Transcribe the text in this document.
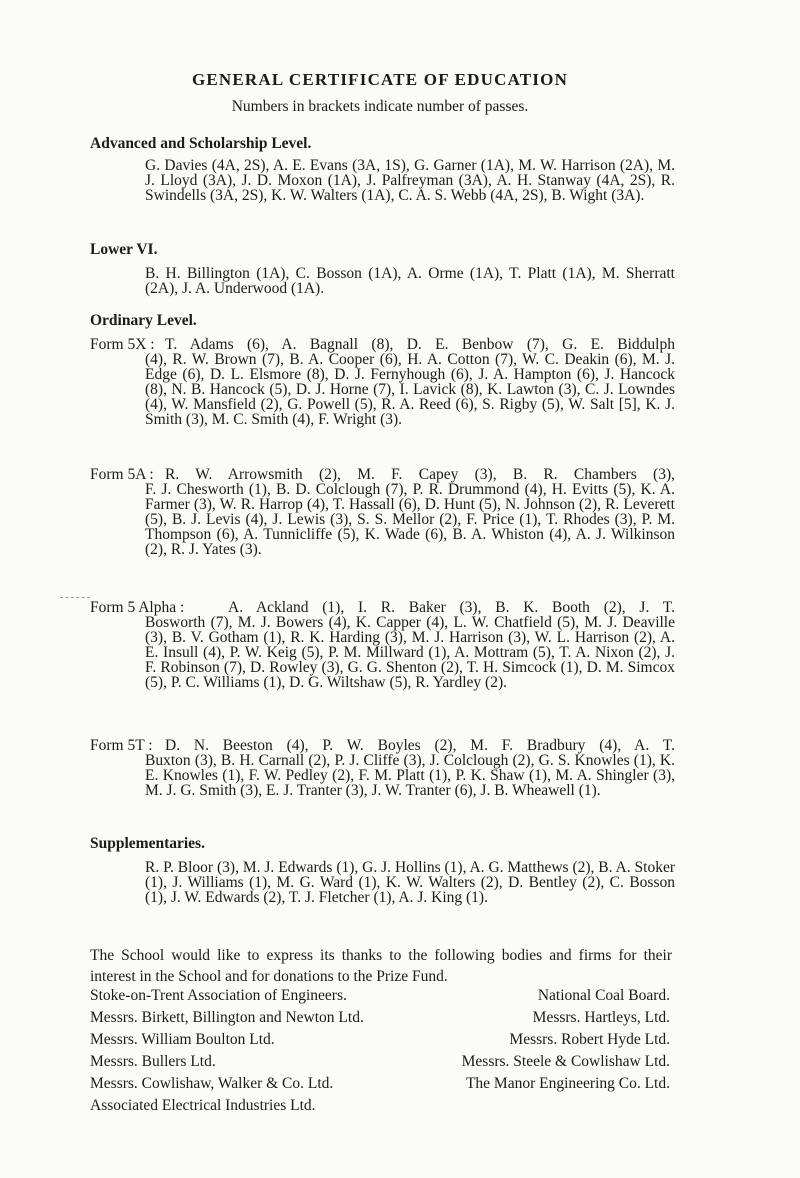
GENERAL CERTIFICATE OF EDUCATION
Numbers in brackets indicate number of passes.
Advanced and Scholarship Level.
G. Davies (4A, 2S), A. E. Evans (3A, 1S), G. Garner (1A), M. W. Harrison (2A), M. J. Lloyd (3A), J. D. Moxon (1A), J. Palfreyman (3A), A. H. Stanway (4A, 2S), R. Swindells (3A, 2S), K. W. Walters (1A), C. A. S. Webb (4A, 2S), B. Wight (3A).
Lower VI.
B. H. Billington (1A), C. Bosson (1A), A. Orme (1A), T. Platt (1A), M. Sherratt (2A), J. A. Underwood (1A).
Ordinary Level.
Form 5X : T. Adams (6), A. Bagnall (8), D. E. Benbow (7), G. E. Biddulph
(4), R. W. Brown (7), B. A. Cooper (6), H. A. Cotton (7), W. C. Deakin (6), M. J. Edge (6), D. L. Elsmore (8), D. J. Fernyhough (6), J. A. Hampton (6), J. Hancock (8), N. B. Hancock (5), D. J. Horne (7), I. Lavick (8), K. Lawton (3), C. J. Lowndes (4), W. Mansfield (2), G. Powell (5), R. A. Reed (6), S. Rigby (5), W. Salt [5], K. J. Smith (3), M. C. Smith (4), F. Wright (3).
Form 5A : R. W. Arrowsmith (2), M. F. Capey (3), B. R. Chambers (3),
F. J. Chesworth (1), B. D. Colclough (7), P. R. Drummond (4), H. Evitts (5), K. A. Farmer (3), W. R. Harrop (4), T. Hassall (6), D. Hunt (5), N. Johnson (2), R. Leverett (5), B. J. Levis (4), J. Lewis (3), S. S. Mellor (2), F. Price (1), T. Rhodes (3), P. M. Thompson (6), A. Tunnicliffe (5), K. Wade (6), B. A. Whiston (4), A. J. Wilkinson (2), R. J. Yates (3).
Form 5 Alpha :	A. Ackland (1), I. R. Baker (3), B. K. Booth (2), J. T.
Bosworth (7), M. J. Bowers (4), K. Capper (4), L. W. Chatfield (5), M. J. Deaville (3), B. V. Gotham (1), R. K. Harding (3), M. J. Harrison (3), W. L. Harrison (2), A. E. Insull (4), P. W. Keig (5), P. M. Millward (1), A. Mottram (5), T. A. Nixon (2), J. F. Robinson (7), D. Rowley (3), G. G. Shenton (2), T. H. Simcock (1), D. M. Simcox (5), P. C. Williams (1), D. G. Wiltshaw (5), R. Yardley (2).
Form 5T : D. N. Beeston (4), P. W. Boyles (2), M. F. Bradbury (4), A. T.
Buxton (3), B. H. Carnall (2), P. J. Cliffe (3), J. Colclough (2), G. S. Knowles (1), K. E. Knowles (1), F. W. Pedley (2), F. M. Platt (1), P. K. Shaw (1), M. A. Shingler (3), M. J. G. Smith (3), E. J. Tranter (3), J. W. Tranter (6), J. B. Wheawell (1).
Supplementaries.
R. P. Bloor (3), M. J. Edwards (1), G. J. Hollins (1), A. G. Matthews (2), B. A. Stoker (1), J. Williams (1), M. G. Ward (1), K. W. Walters (2), D. Bentley (2), C. Bosson (1), J. W. Edwards (2), T. J. Fletcher (1), A. J. King (1).
The School would like to express its thanks to the following bodies and firms for their interest in the School and for donations to the Prize Fund.
Stoke-on-Trent Association of Engineers.	National Coal Board.
Messrs. Birkett, Billington and Newton Ltd.	Messrs. Hartleys, Ltd.
Messrs. William Boulton Ltd.	Messrs. Robert Hyde Ltd.
Messrs. Bullers Ltd.	Messrs. Steele & Cowlishaw Ltd.
Messrs. Cowlishaw, Walker & Co. Ltd.	The Manor Engineering Co. Ltd.
Associated Electrical Industries Ltd.
